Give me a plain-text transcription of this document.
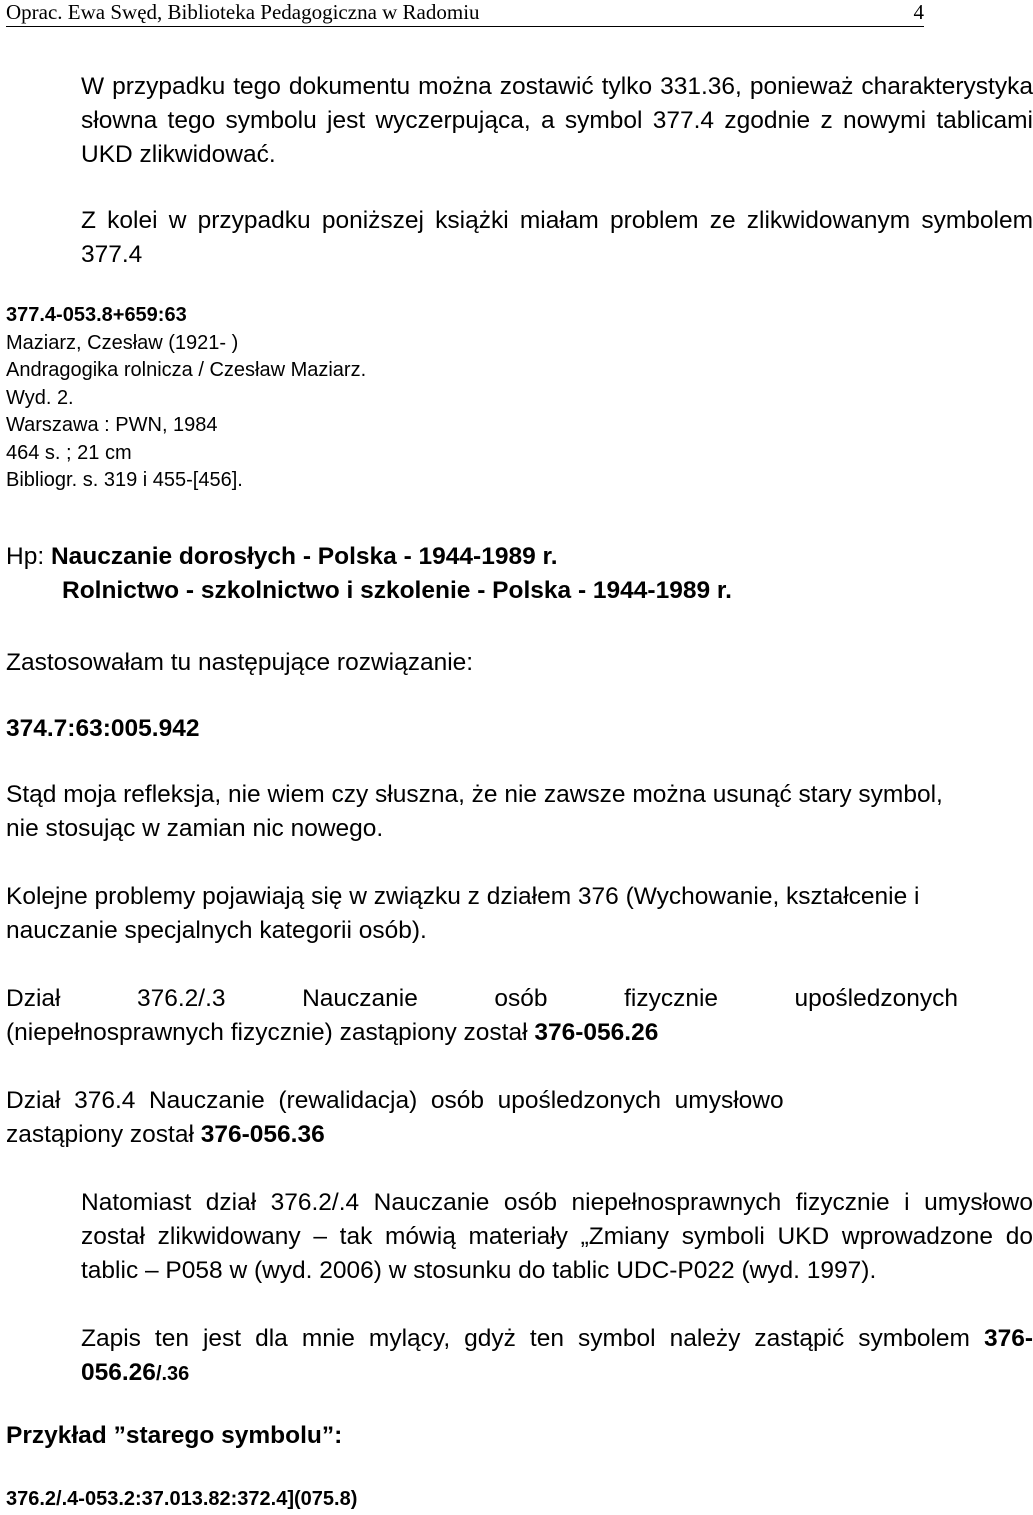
Oprac. Ewa Swęd, Biblioteka Pedagogiczna w Radomiu	4
W przypadku tego dokumentu można zostawić tylko 331.36, ponieważ charakterystyka słowna tego symbolu jest wyczerpująca, a symbol 377.4 zgodnie z nowymi tablicami UKD zlikwidować.
Z kolei w przypadku poniższej książki miałam problem ze zlikwidowanym symbolem 377.4
377.4-053.8+659:63
Maziarz, Czesław (1921- )
Andragogika rolnicza / Czesław Maziarz.
Wyd. 2.
Warszawa : PWN, 1984
464 s. ; 21 cm
Bibliogr. s. 319 i 455-[456].
Hp: Nauczanie dorosłych - Polska - 1944-1989 r.
Rolnictwo - szkolnictwo i szkolenie - Polska - 1944-1989 r.
Zastosowałam tu następujące rozwiązanie:
374.7:63:005.942
Stąd moja refleksja, nie wiem czy słuszna, że nie zawsze można usunąć stary symbol, nie stosując w zamian nic nowego.
Kolejne problemy pojawiają się w związku z działem 376 (Wychowanie, kształcenie i nauczanie specjalnych kategorii osób).
Dział	376.2/.3	Nauczanie	osób	fizycznie	upośledzonych
(niepełnosprawnych fizycznie) zastąpiony został 376-056.26
Dział  376.4  Nauczanie  (rewalidacja)  osób  upośledzonych  umysłowo
zastąpiony został 376-056.36
Natomiast dział 376.2/.4 Nauczanie osób niepełnosprawnych fizycznie i umysłowo został zlikwidowany – tak mówią materiały „Zmiany symboli UKD wprowadzone do tablic – P058 w (wyd. 2006) w stosunku do tablic UDC-P022 (wyd. 1997).
Zapis ten jest dla mnie mylący, gdyż ten symbol należy zastąpić symbolem 376-056.26/.36
Przykład ”starego symbolu”:
376.2/.4-053.2:37.013.82:372.4](075.8)
